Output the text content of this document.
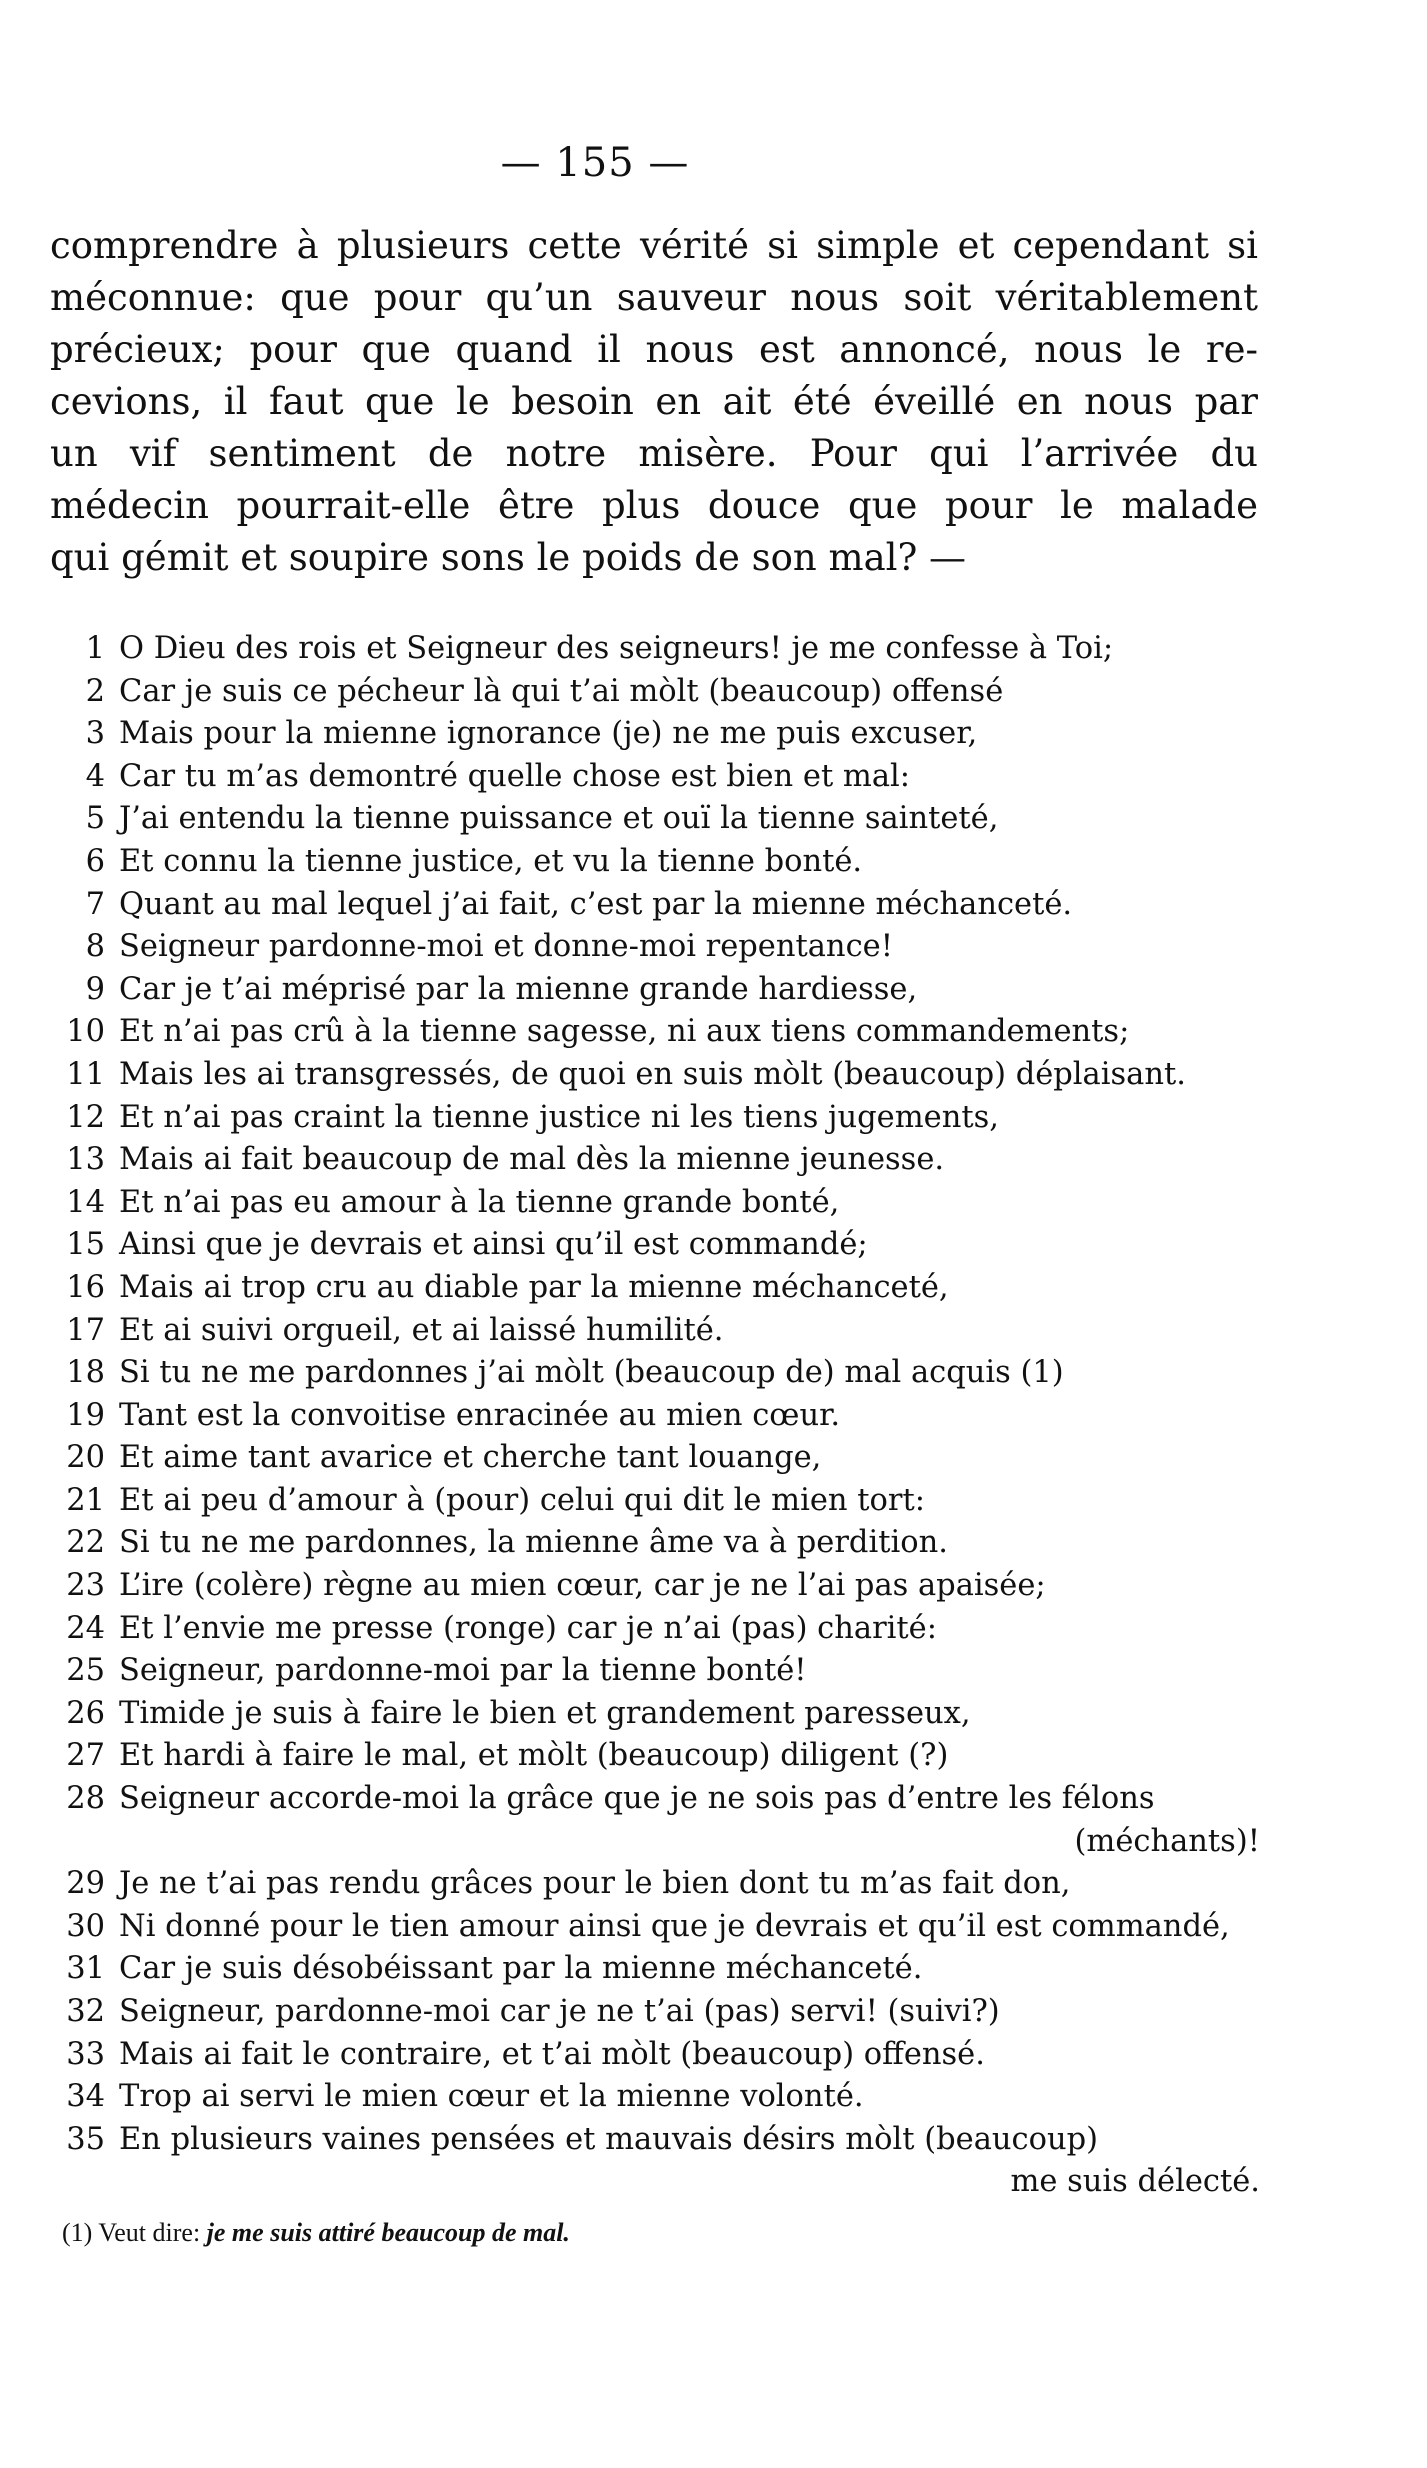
— 155 —
comprendre à plusieurs cette vérité si simple et cependant si
méconnue: que pour qu’un sauveur nous soit véritablement
précieux; pour que quand il nous est annoncé, nous le re-
cevions, il faut que le besoin en ait été éveillé en nous par
un vif sentiment de notre misère. Pour qui l’arrivée du
médecin pourrait-elle être plus douce que pour le malade
qui gémit et soupire sons le poids de son mal? —
1 O Dieu des rois et Seigneur des seigneurs! je me confesse à Toi;
2 Car je suis ce pécheur là qui t’ai mòlt (beaucoup) offensé
3 Mais pour la mienne ignorance (je) ne me puis excuser,
4 Car tu m’as demontré quelle chose est bien et mal:
5 J’ai entendu la tienne puissance et ouï la tienne sainteté,
6 Et connu la tienne justice, et vu la tienne bonté.
7 Quant au mal lequel j’ai fait, c’est par la mienne méchanceté.
8 Seigneur pardonne-moi et donne-moi repentance!
9 Car je t’ai méprisé par la mienne grande hardiesse,
10 Et n’ai pas crû à la tienne sagesse, ni aux tiens commandements;
11 Mais les ai transgressés, de quoi en suis mòlt (beaucoup) déplaisant.
12 Et n’ai pas craint la tienne justice ni les tiens jugements,
13 Mais ai fait beaucoup de mal dès la mienne jeunesse.
14 Et n’ai pas eu amour à la tienne grande bonté,
15 Ainsi que je devrais et ainsi qu’il est commandé;
16 Mais ai trop cru au diable par la mienne méchanceté,
17 Et ai suivi orgueil, et ai laissé humilité.
18 Si tu ne me pardonnes j’ai mòlt (beaucoup de) mal acquis (1)
19 Tant est la convoitise enracinée au mien cœur.
20 Et aime tant avarice et cherche tant louange,
21 Et ai peu d’amour à (pour) celui qui dit le mien tort:
22 Si tu ne me pardonnes, la mienne âme va à perdition.
23 L’ire (colère) règne au mien cœur, car je ne l’ai pas apaisée;
24 Et l’envie me presse (ronge) car je n’ai (pas) charité:
25 Seigneur, pardonne-moi par la tienne bonté!
26 Timide je suis à faire le bien et grandement paresseux,
27 Et hardi à faire le mal, et mòlt (beaucoup) diligent (?)
28 Seigneur accorde-moi la grâce que je ne sois pas d’entre les félons
(méchants)!
29 Je ne t’ai pas rendu grâces pour le bien dont tu m’as fait don,
30 Ni donné pour le tien amour ainsi que je devrais et qu’il est commandé,
31 Car je suis désobéissant par la mienne méchanceté.
32 Seigneur, pardonne-moi car je ne t’ai (pas) servi! (suivi?)
33 Mais ai fait le contraire, et t’ai mòlt (beaucoup) offensé.
34 Trop ai servi le mien cœur et la mienne volonté.
35 En plusieurs vaines pensées et mauvais désirs mòlt (beaucoup)
me suis délecté.
(1) Veut dire: je me suis attiré beaucoup de mal.
